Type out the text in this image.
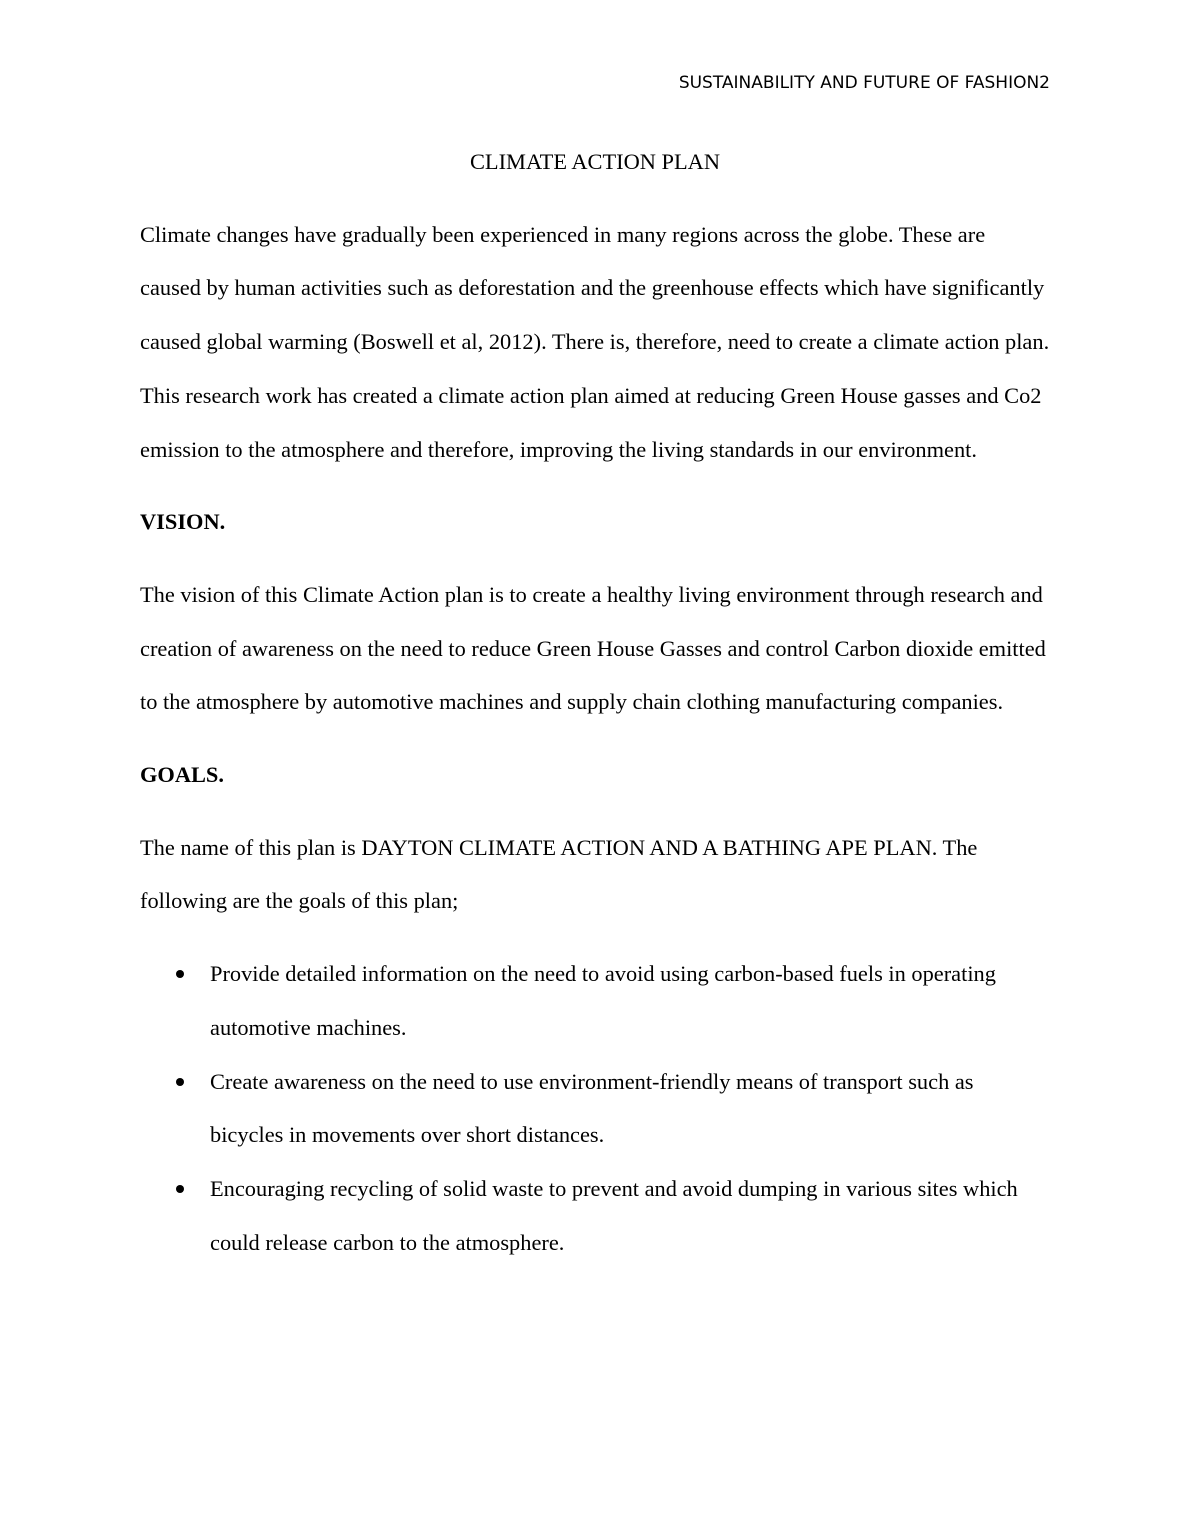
SUSTAINABILITY AND FUTURE OF FASHION2
CLIMATE ACTION PLAN

Climate changes have gradually been experienced in many regions across the globe. These are caused by human activities such as deforestation and the greenhouse effects which have significantly caused global warming (Boswell et al, 2012). There is, therefore, need to create a climate action plan. This research work has created a climate action plan aimed at reducing Green House gasses and Co2 emission to the atmosphere and therefore, improving the living standards in our environment.

VISION.

The vision of this Climate Action plan is to create a healthy living environment through research and creation of awareness on the need to reduce Green House Gasses and control Carbon dioxide emitted to the atmosphere by automotive machines and supply chain clothing manufacturing companies.

GOALS.

The name of this plan is DAYTON CLIMATE ACTION AND A BATHING APE PLAN. The following are the goals of this plan;

Provide detailed information on the need to avoid using carbon-based fuels in operating automotive machines.
Create awareness on the need to use environment-friendly means of transport such as bicycles in movements over short distances.
Encouraging recycling of solid waste to prevent and avoid dumping in various sites which could release carbon to the atmosphere.
